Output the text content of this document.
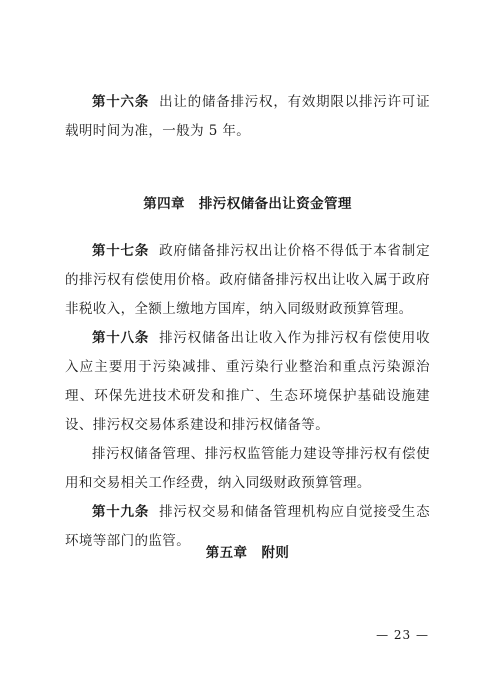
第十六条 出让的储备排污权，有效期限以排污许可证载明时间为准，一般为 5 年。

第四章 排污权储备出让资金管理

第十七条 政府储备排污权出让价格不得低于本省制定的排污权有偿使用价格。政府储备排污权出让收入属于政府非税收入，全额上缴地方国库，纳入同级财政预算管理。

第十八条 排污权储备出让收入作为排污权有偿使用收入应主要用于污染减排、重污染行业整治和重点污染源治理、环保先进技术研发和推广、生态环境保护基础设施建设、排污权交易体系建设和排污权储备等。

排污权储备管理、排污权监管能力建设等排污权有偿使用和交易相关工作经费，纳入同级财政预算管理。

第十九条 排污权交易和储备管理机构应自觉接受生态环境等部门的监管。

第五章 附则
— 23 —
